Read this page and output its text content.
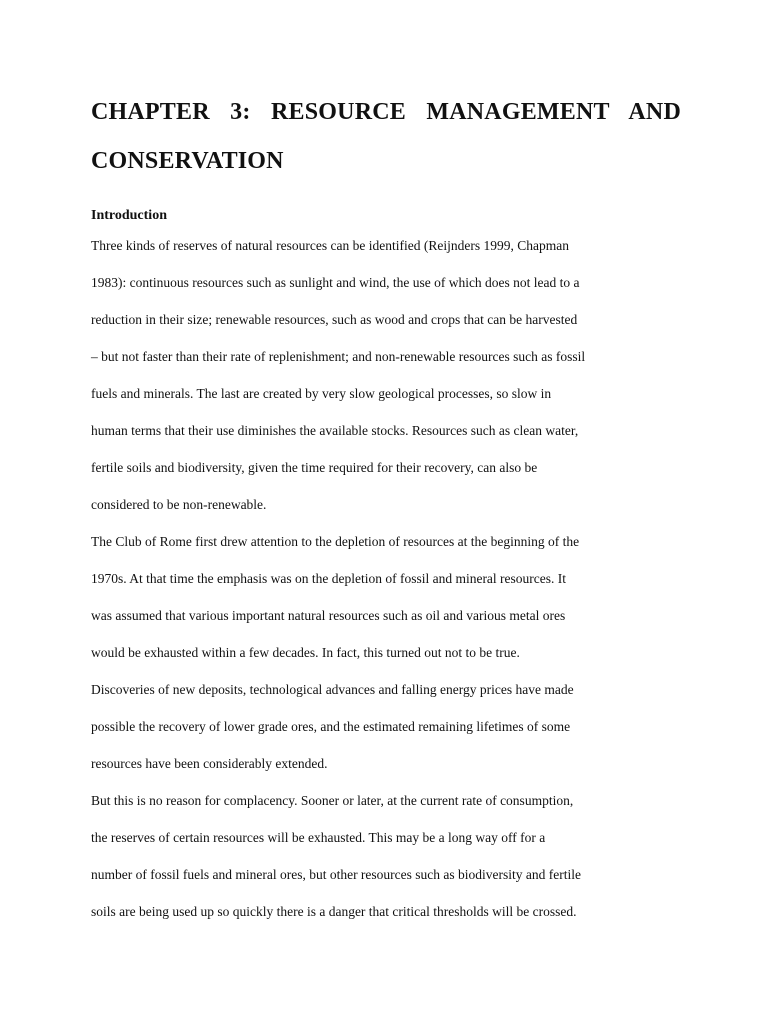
CHAPTER 3: RESOURCE MANAGEMENT AND
CONSERVATION
Introduction
Three kinds of reserves of natural resources can be identified (Reijnders 1999, Chapman
1983): continuous resources such as sunlight and wind, the use of which does not lead to a
reduction in their size; renewable resources, such as wood and crops that can be harvested
– but not faster than their rate of replenishment; and non-renewable resources such as fossil
fuels and minerals. The last are created by very slow geological processes, so slow in
human terms that their use diminishes the available stocks. Resources such as clean water,
fertile soils and biodiversity, given the time required for their recovery, can also be
considered to be non-renewable.
The Club of Rome first drew attention to the depletion of resources at the beginning of the
1970s. At that time the emphasis was on the depletion of fossil and mineral resources. It
was assumed that various important natural resources such as oil and various metal ores
would be exhausted within a few decades. In fact, this turned out not to be true.
Discoveries of new deposits, technological advances and falling energy prices have made
possible the recovery of lower grade ores, and the estimated remaining lifetimes of some
resources have been considerably extended.
But this is no reason for complacency. Sooner or later, at the current rate of consumption,
the reserves of certain resources will be exhausted. This may be a long way off for a
number of fossil fuels and mineral ores, but other resources such as biodiversity and fertile
soils are being used up so quickly there is a danger that critical thresholds will be crossed.
